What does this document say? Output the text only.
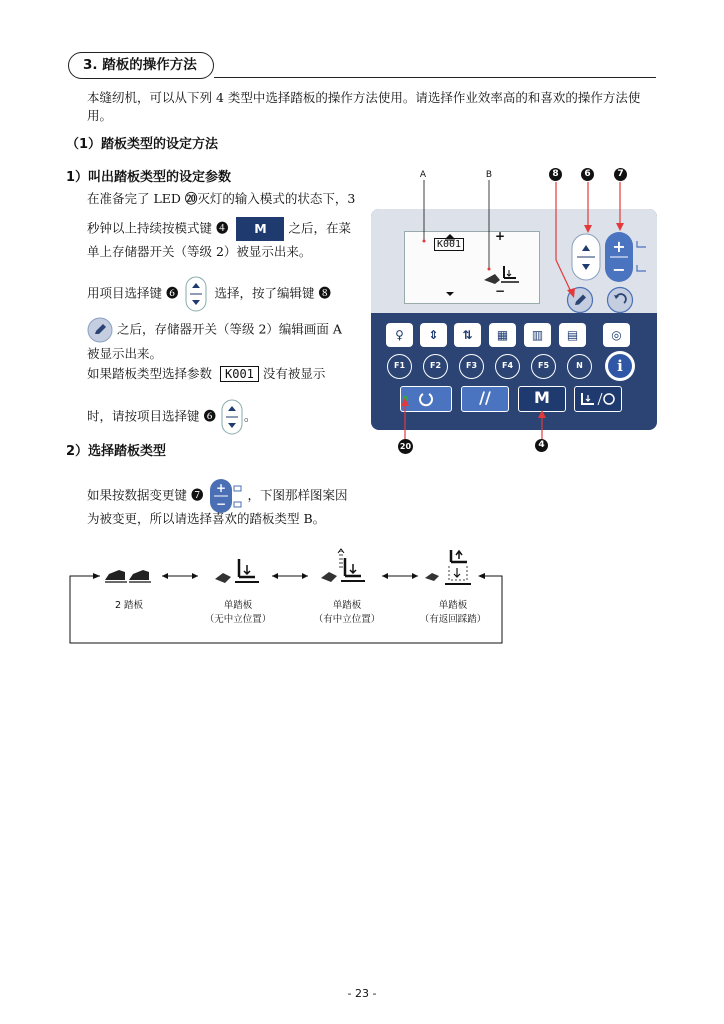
3. 踏板的操作方法
本缝纫机，可以从下列 4 类型中选择踏板的操作方法使用。请选择作业效率高的和喜欢的操作方法使
用。
（1）踏板类型的设定方法
1）叫出踏板类型的设定参数
在准备完了 LED ⑳灭灯的输入模式的状态下，3
秒钟以上持续按模式键 ❹ M 之后，在菜
单上存储器开关（等级 2）被显示出来。
用项目选择键 ❻	选择，按了编辑键 ❽
之后，存储器开关（等级 2）编辑画面 A
被显示出来。
如果踏板类型选择参数 K001 没有被显示
时，请按项目选择键 ❻ 。
2）选择踏板类型
如果按数据变更键 ❼ +
−
，下图那样图案因
为被变更，所以请选择喜欢的踏板类型 B。
A	B	8	6	7
K001
+
−
+
−
♀	⇕	⇅	▦	▥	▤	◎
F1	F2	F3	F4	F5	N	i
//	M
20	4
2 踏板	单踏板
（无中立位置）
单踏板
（有中立位置）
单踏板
（有返回踩踏）
- 23 -
